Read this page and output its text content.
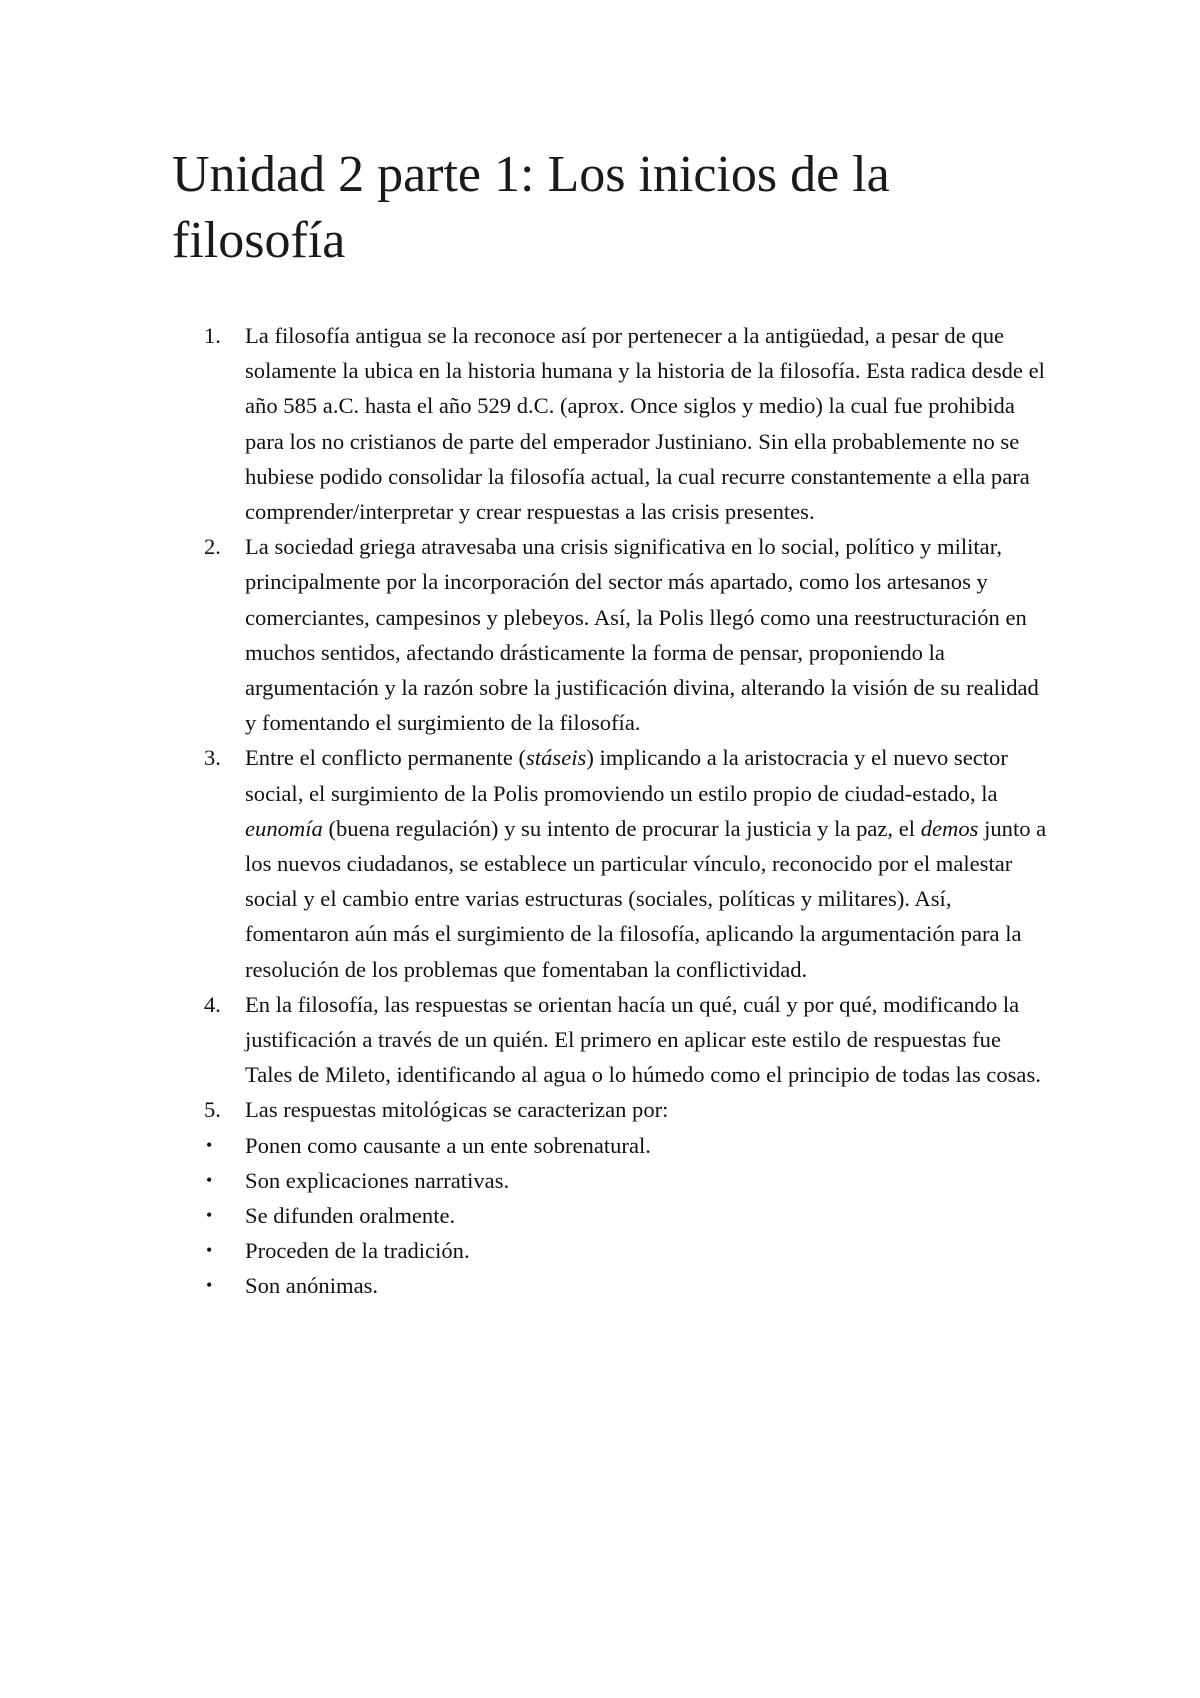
Unidad 2 parte 1: Los inicios de la filosofía
1. La filosofía antigua se la reconoce así por pertenecer a la antigüedad, a pesar de que solamente la ubica en la historia humana y la historia de la filosofía. Esta radica desde el año 585 a.C. hasta el año 529 d.C. (aprox. Once siglos y medio) la cual fue prohibida para los no cristianos de parte del emperador Justiniano. Sin ella probablemente no se hubiese podido consolidar la filosofía actual, la cual recurre constantemente a ella para comprender/interpretar y crear respuestas a las crisis presentes.
2. La sociedad griega atravesaba una crisis significativa en lo social, político y militar, principalmente por la incorporación del sector más apartado, como los artesanos y comerciantes, campesinos y plebeyos. Así, la Polis llegó como una reestructuración en muchos sentidos, afectando drásticamente la forma de pensar, proponiendo la argumentación y la razón sobre la justificación divina, alterando la visión de su realidad y fomentando el surgimiento de la filosofía.
3. Entre el conflicto permanente (stáseis) implicando a la aristocracia y el nuevo sector social, el surgimiento de la Polis promoviendo un estilo propio de ciudad-estado, la eunomía (buena regulación) y su intento de procurar la justicia y la paz, el demos junto a los nuevos ciudadanos, se establece un particular vínculo, reconocido por el malestar social y el cambio entre varias estructuras (sociales, políticas y militares). Así, fomentaron aún más el surgimiento de la filosofía, aplicando la argumentación para la resolución de los problemas que fomentaban la conflictividad.
4. En la filosofía, las respuestas se orientan hacía un qué, cuál y por qué, modificando la justificación a través de un quién. El primero en aplicar este estilo de respuestas fue Tales de Mileto, identificando al agua o lo húmedo como el principio de todas las cosas.
5. Las respuestas mitológicas se caracterizan por:
• Ponen como causante a un ente sobrenatural.
• Son explicaciones narrativas.
• Se difunden oralmente.
• Proceden de la tradición.
• Son anónimas.
